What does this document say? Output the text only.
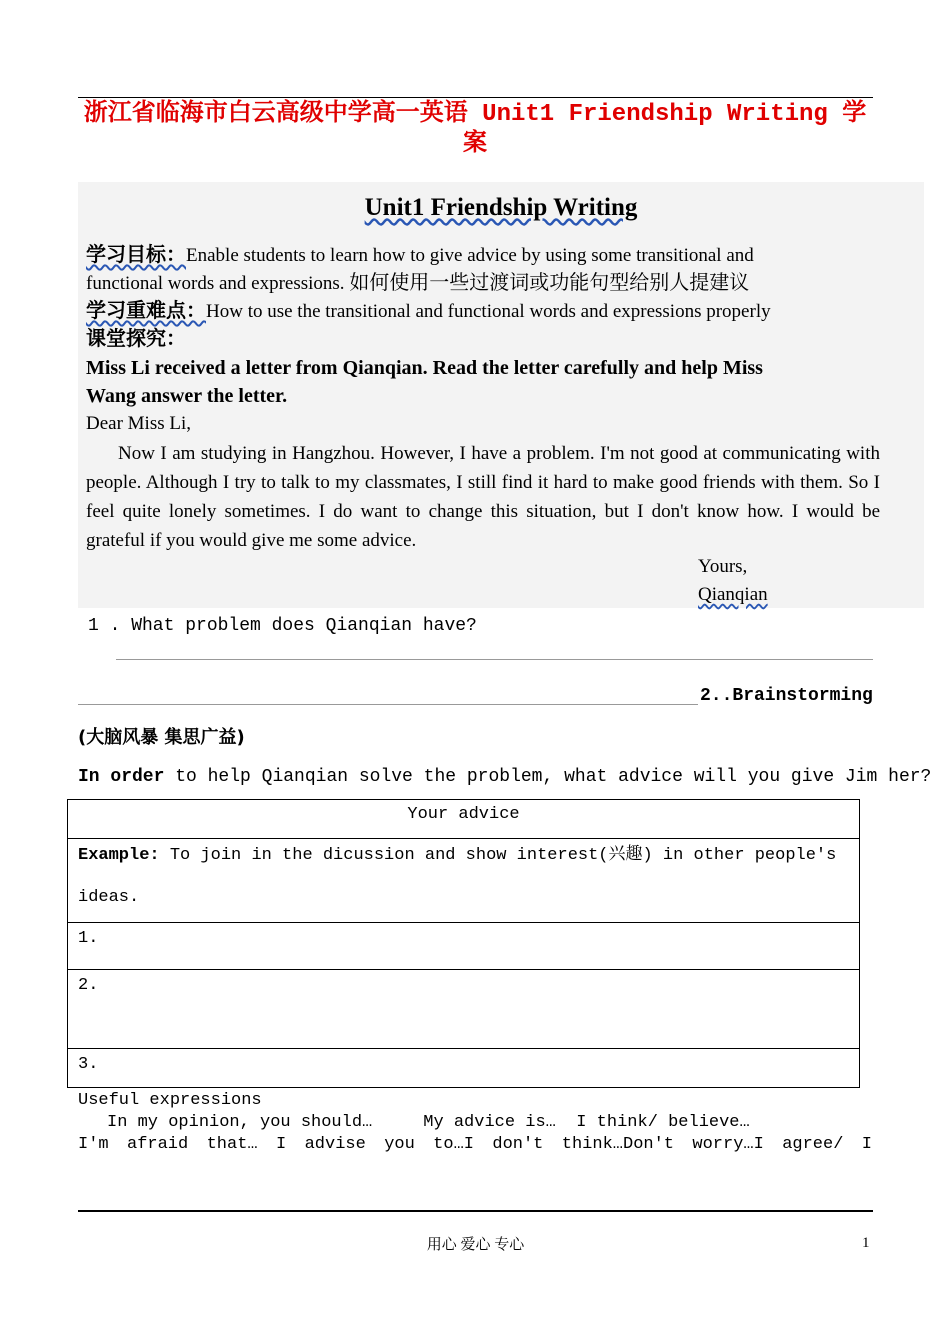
浙江省临海市白云高级中学高一英语 Unit1 Friendship Writing 学案
Unit1 Friendship Writing
学习目标：Enable students to learn how to give advice by using some transitional and
functional words and expressions. 如何使用一些过渡词或功能句型给别人提建议
学习重难点：How to use the transitional and functional words and expressions properly
课堂探究：
Miss Li received a letter from Qianqian. Read the letter carefully and help Miss
Wang answer the letter.
Dear Miss Li,
Now I am studying in Hangzhou. However, I have a problem. I'm not good at communicating with people. Although I try to talk to my classmates, I still find it hard to make good friends with them. So I feel quite lonely sometimes. I do want to change this situation, but I don't know how. I would be grateful if you would give me some advice.
Yours,
Qianqian
1 . What problem does Qianqian have?
2..Brainstorming
(大脑风暴 集思广益)
In order to help Qianqian solve the problem, what advice will you give Jim her?
Your advice

Example: To join in the dicussion and show interest(兴趣) in other people's
ideas.

1.
2.
3.
Useful expressions
In my opinion, you should…     My advice is…  I think/ believe…
I'm afraid that… I advise you to…I don't think…Don't worry…I agree/ I
用心 爱心 专心	1
